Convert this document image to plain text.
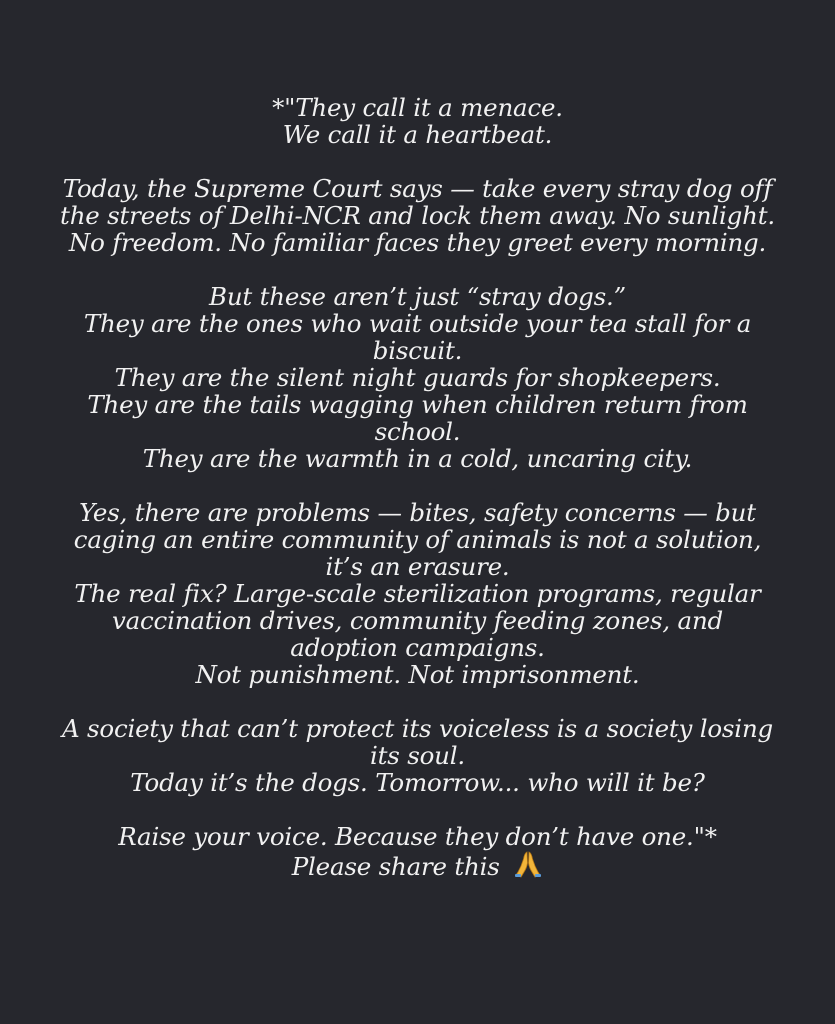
*"They call it a menace.
We call it a heartbeat.
Today, the Supreme Court says — take every stray dog off
the streets of Delhi-NCR and lock them away. No sunlight.
No freedom. No familiar faces they greet every morning.
But these aren’t just “stray dogs.”
They are the ones who wait outside your tea stall for a
biscuit.
They are the silent night guards for shopkeepers.
They are the tails wagging when children return from
school.
They are the warmth in a cold, uncaring city.
Yes, there are problems — bites, safety concerns — but
caging an entire community of animals is not a solution,
it’s an erasure.
The real fix? Large-scale sterilization programs, regular
vaccination drives, community feeding zones, and
adoption campaigns.
Not punishment. Not imprisonment.
A society that can’t protect its voiceless is a society losing
its soul.
Today it’s the dogs. Tomorrow... who will it be?
Raise your voice. Because they don’t have one."*
Please share this
